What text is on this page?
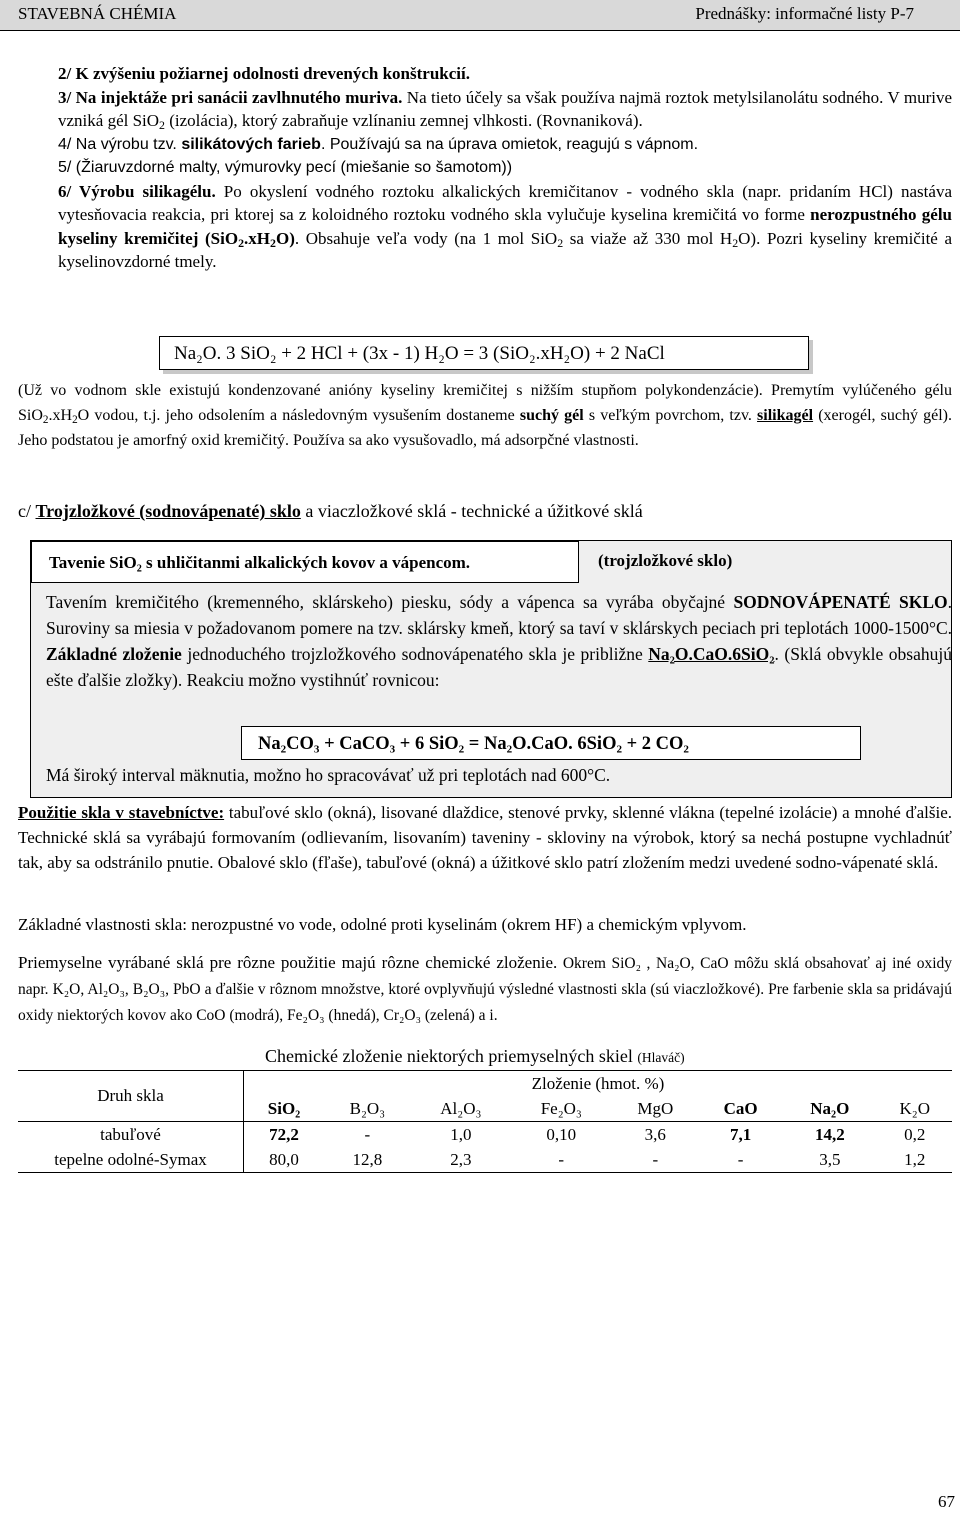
STAVEBNÁ CHÉMIA	Prednášky: informačné listy P-7

2/ K zvýšeniu požiarnej odolnosti drevených konštrukcií.

3/ Na injektáže pri sanácii zavlhnutého muriva. Na tieto účely sa však používa najmä roztok metylsilanolátu sodného. V murive vzniká gél SiO$_2$ (izolácia), ktorý zabraňuje vzlínaniu zemnej vlhkosti. (Rovnaniková).

4/ Na výrobu tzv. silikátových farieb. Používajú sa na úprava omietok, reagujú s vápnom.

5/ (Žiaruvzdorné malty, výmurovky pecí (miešanie so šamotom))

6/ Výrobu silikagélu. Po okyslení vodného roztoku alkalických kremičitanov - vodného skla (napr. pridaním HCl) nastáva vytesňovacia reakcia, pri ktorej sa z koloidného roztoku vodného skla vylučuje kyselina kremičitá vo forme nerozpustného gélu kyseliny kremičitej $(SiO_2.xH_2O)$. Obsahuje veľa vody (na 1 mol SiO$_2$ sa viaže až 330 mol $H_2O$). Pozri kyseliny kremičité a kyselinovzdorné tmely.

Na₂O. 3 SiO₂ + 2 HCl + (3x - 1) H₂O = 3 (SiO₂.xH₂O) + 2 NaCl

(Už vo vodnom skle existujú kondenzované anióny kyseliny kremičitej s nižším stupňom polykondenzácie). Premytím vylúčeného gélu $SiO_2.xH_2O$ vodou, t.j. jeho odsolením a následovným vysušením dostaneme suchý gél s veľkým povrchom, tzv. silikagél (xerogél, suchý gél). Jeho podstatou je amorfný oxid kremičitý. Používa sa ako vysušovadlo, má adsorpčné vlastnosti.

c/ Trojzložkové (sodnovápenaté) sklo a viaczložkové sklá - technické a úžitkové sklá
Tavenie SiO₂ s uhličitanmi alkalických kovov a vápencom.	(trojzložkové sklo)

Tavením kremičitého (kremenného, sklárskeho) piesku, sódy a vápenca sa vyrába obyčajné SODNOVÁPENATÉ SKLO. Suroviny sa miesia v požadovanom pomere na tzv. sklársky kmeň, ktorý sa taví v sklárskych peciach pri teplotách 1000-1500°C. Základné zloženie jednoduchého trojzložkového sodnovápenatého skla je približne Na₂O.CaO.6SiO₂. (Sklá obvykle obsahujú ešte ďalšie zložky). Reakciu možno vystihnúť rovnicou:

Na₂CO₃ + CaCO₃ + 6 SiO₂ = Na₂O.CaO. 6SiO₂ + 2 CO₂
Má široký interval mäknutia, možno ho spracovávať už pri teplotách nad 600°C.

Použitie skla v stavebníctve: tabuľové sklo (okná), lisované dlaždice, stenové prvky, sklenné vlákna (tepelné izolácie) a mnohé ďalšie. Technické sklá sa vyrábajú formovaním (odlievaním, lisovaním) taveniny - skloviny na výrobok, ktorý sa nechá postupne vychladnúť tak, aby sa odstránilo pnutie. Obalové sklo (fľaše), tabuľové (okná) a úžitkové sklo patrí zložením medzi uvedené sodno-vápenaté sklá.

Základné vlastnosti skla: nerozpustné vo vode, odolné proti kyselinám (okrem HF) a chemickým vplyvom.

Priemyselne vyrábané sklá pre rôzne použitie majú rôzne chemické zloženie. Okrem SiO₂ , Na₂O, CaO môžu sklá obsahovať aj iné oxidy napr. K₂O, Al₂O₃, B₂O₃, PbO a ďalšie v rôznom množstve, ktoré ovplyvňujú výsledné vlastnosti skla (sú viaczložkové). Pre farbenie skla sa pridávajú oxidy niektorých kovov ako CoO (modrá), Fe₂O₃ (hnedá), Cr₂O₃ (zelená) a i.

Chemické zloženie niektorých priemyselných skiel (Hlaváč)
Druh skla	Zloženie (hmot. %)							
	SiO₂	B₂O₃	Al₂O₃	Fe₂O₃	MgO	CaO	Na₂O	K₂O
tabuľové	72,2	-	1,0	0,10	3,6	7,1	14,2	0,2
tepelne odolné-Symax	80,0	12,8	2,3	-	-	-	3,5	1,2
67
